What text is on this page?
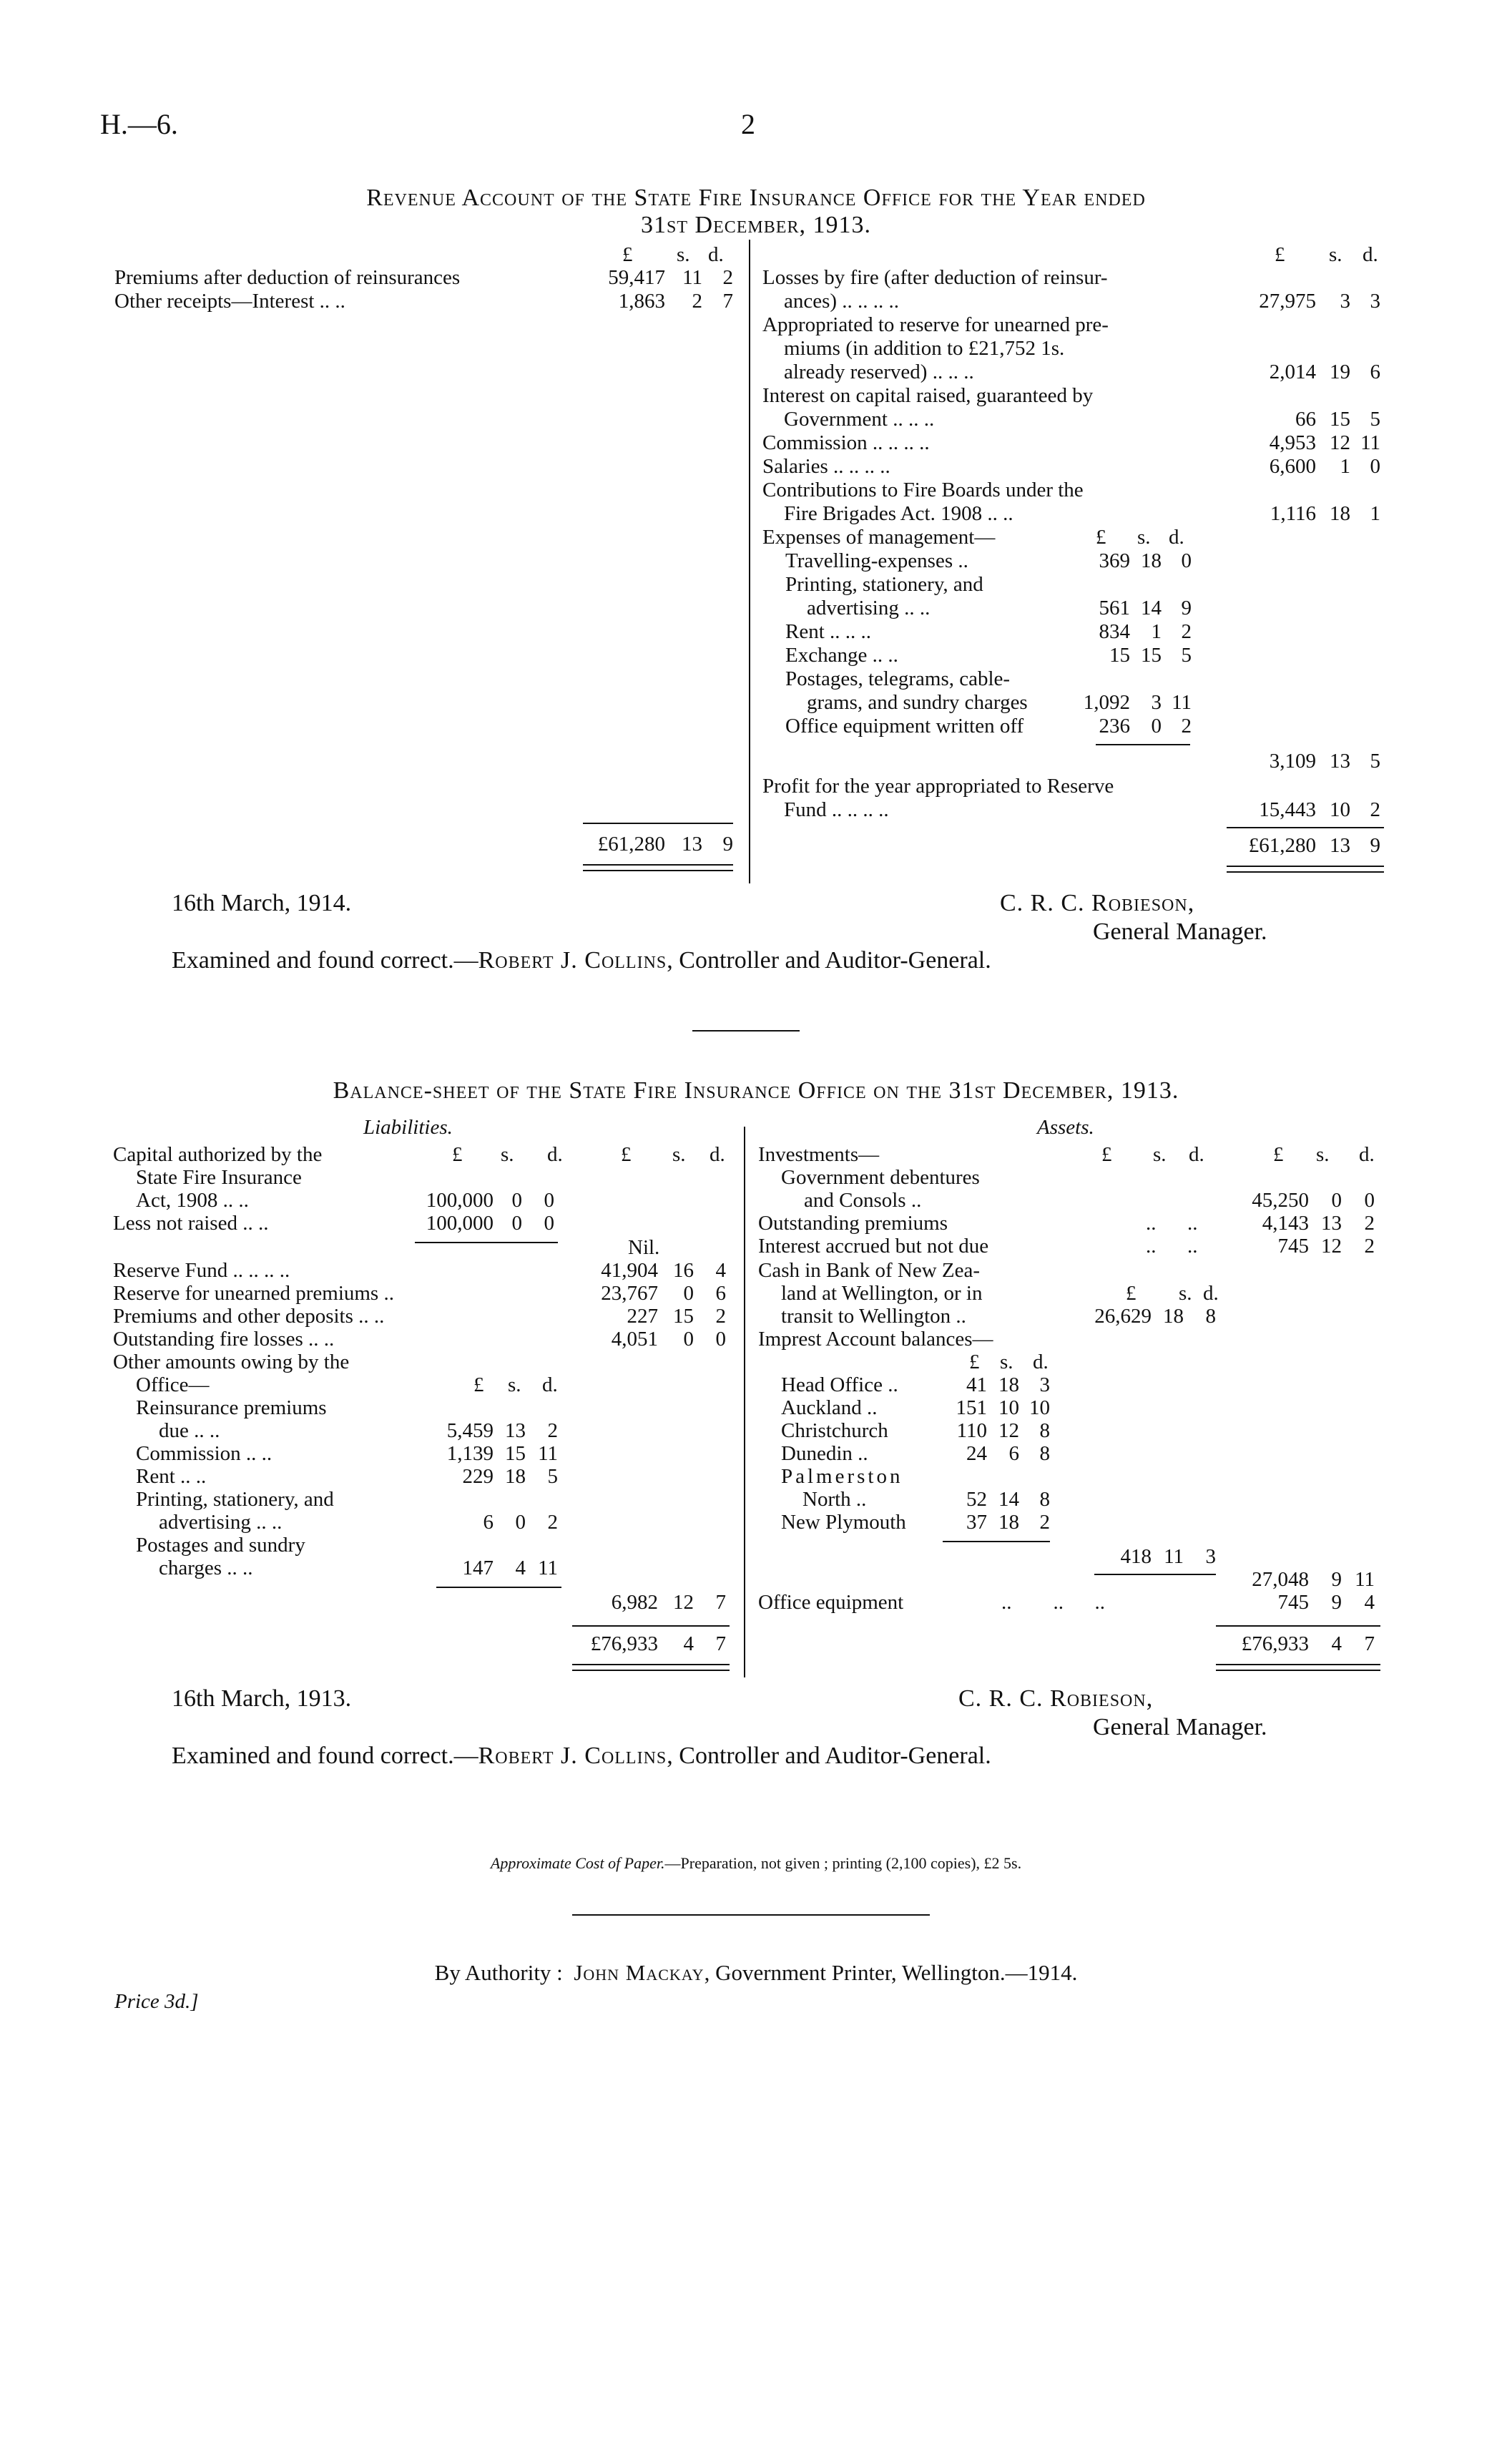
H.—6.	2
Revenue Account of the State Fire Insurance Office for the Year ended
31st December, 1913.
£ s. d.
Premiums after deduction of reinsurances	59,417 11 2
Other receipts—Interest .. ..	1,863	2 7
£61,280 13 9
£ s. d.
Losses by fire (after deduction of reinsur-
ances) .. .. .. ..	27,975	3 3
Appropriated to reserve for unearned pre-
miums (in addition to £21,752 1s.
already reserved) .. .. ..	2,014 19 6
Interest on capital raised, guaranteed by
Government .. .. ..	66 15 5
Commission .. .. .. ..	4,953 12 11
Salaries .. .. .. ..	6,600	1 0
Contributions to Fire Boards under the
Fire Brigades Act. 1908 .. ..	1,116 18 1
Expenses of management—	£ s. d.
Travelling-expenses ..	369 18 0
Printing, stationery, and
advertising .. ..	561 14 9
Rent .. .. ..	834	1 2
Exchange .. ..	15 15 5
Postages, telegrams, cable-
grams, and sundry charges	1,092	3 11
Office equipment written off	236	0 2
3,109 13 5
Profit for the year appropriated to Reserve
Fund .. .. .. ..	15,443 10 2
£61,280 13 9
16th March, 1914.	C. R. C. Robieson,
General Manager.
Examined and found correct.—Robert J. Collins, Controller and Auditor-General.
Balance-sheet of the State Fire Insurance Office on the 31st December, 1913.
Liabilities.	Assets.
£ s. d.	£ s. d.
Capital authorized by the
State Fire Insurance
Act, 1908 .. ..	100,000 0	0
Less not raised .. ..	100,000 0	0
Nil.
Reserve Fund .. .. .. ..	41,904 16	4
Reserve for unearned premiums ..	23,767	0	6
Premiums and other deposits .. ..	227 15	2
Outstanding fire losses .. ..	4,051	0	0
Other amounts owing by the
Office—	£ s. d.
Reinsurance premiums
due .. ..	5,459 13	2
Commission .. ..	1,139 15 11
Rent .. ..	229 18	5
Printing, stationery, and
advertising .. ..	6	0	2
Postages and sundry
charges .. ..	147	4 11
6,982 12	7
£76,933	4	7
£ s. d.	£ s. d.
Investments—
Government debentures
and Consols ..	45,250	0	0
Outstanding premiums	..      ..	4,143 13	2
Interest accrued but not due	..      ..	745 12	2
Cash in Bank of New Zea-
land at Wellington, or in	£ s. d.
transit to Wellington ..	26,629 18	8
Imprest Account balances—
£ s. d.
Head Office ..	41 18 3
Auckland ..	151 10 10
Christchurch	110 12 8
Dunedin ..	24	6 8
Palmerston
North ..	52 14 8
New Plymouth	37 18 2
418 11	3
27,048	9 11
Office equipment	..        ..      ..	745	9	4
£76,933	4	7
16th March, 1913.	C. R. C. Robieson,
General Manager.
Examined and found correct.—Robert J. Collins, Controller and Auditor-General.
Approximate Cost of Paper.—Preparation, not given ; printing (2,100 copies), £2 5s.
By Authority : John Mackay, Government Printer, Wellington.—1914.
Price 3d.]
